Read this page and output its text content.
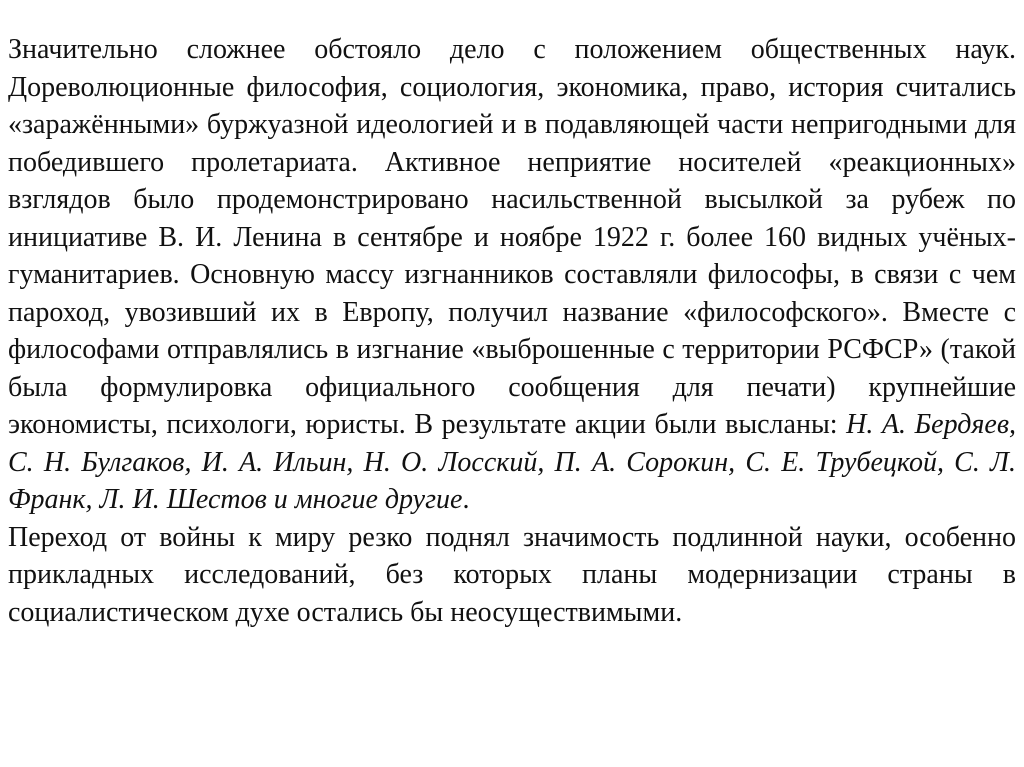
Значительно сложнее обстояло дело с положением общественных наук. Дореволюционные философия, социология, экономика, право, история считались «заражёнными» буржуазной идеологией и в подавляющей части непригодными для победившего пролетариата. Активное неприятие носителей «реакционных» взглядов было продемонстрировано насильственной высылкой за рубеж по инициативе В. И. Ленина в сентябре и ноябре 1922 г. более 160 видных учёных-гуманитариев. Основную массу изгнанников составляли философы, в связи с чем пароход, увозивший их в Европу, получил название «философского». Вместе с философами отправлялись в изгнание «выброшенные с территории РСФСР» (такой была формулировка официального сообщения для печати) крупнейшие экономисты, психологи, юристы. В результате акции были высланы: Н. А. Бердяев, С. Н. Булгаков, И. А. Ильин, Н. О. Лосский, П. А. Сорокин, С. Е. Трубецкой, С. Л. Франк, Л. И. Шестов и многие другие.

Переход от войны к миру резко поднял значимость подлинной науки, особенно прикладных исследований, без которых планы модернизации страны в социалистическом духе остались бы неосуществимыми.
